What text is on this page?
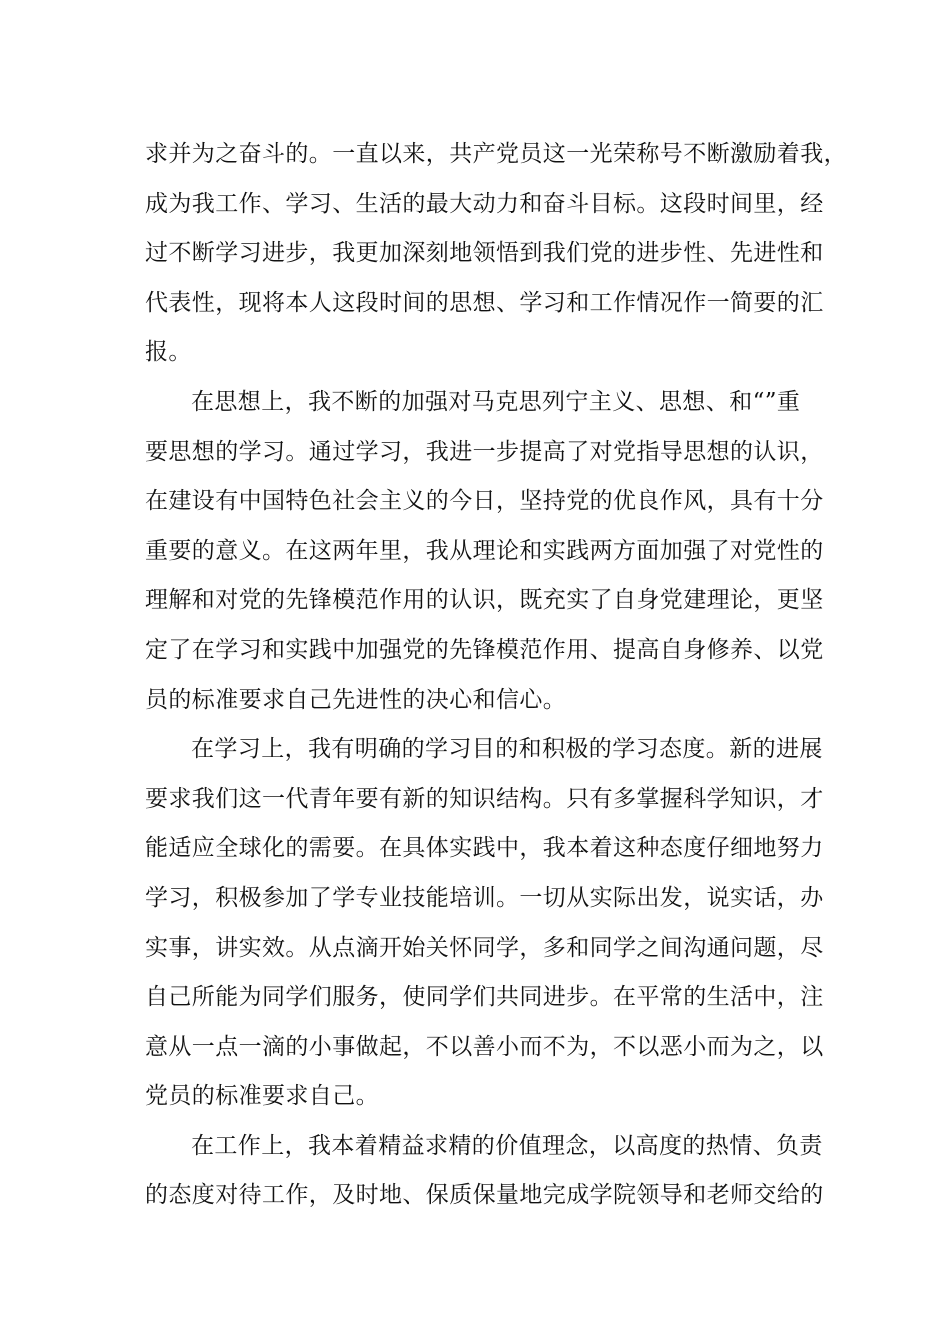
求并为之奋斗的。一直以来，共产党员这一光荣称号不断激励着我，
成为我工作、学习、生活的最大动力和奋斗目标。这段时间里，经
过不断学习进步，我更加深刻地领悟到我们党的进步性、先进性和
代表性，现将本人这段时间的思想、学习和工作情况作一简要的汇
报。
在思想上，我不断的加强对马克思列宁主义、思想、和“”重
要思想的学习。通过学习，我进一步提高了对党指导思想的认识，
在建设有中国特色社会主义的今日，坚持党的优良作风，具有十分
重要的意义。在这两年里，我从理论和实践两方面加强了对党性的
理解和对党的先锋模范作用的认识，既充实了自身党建理论，更坚
定了在学习和实践中加强党的先锋模范作用、提高自身修养、以党
员的标准要求自己先进性的决心和信心。
在学习上，我有明确的学习目的和积极的学习态度。新的进展
要求我们这一代青年要有新的知识结构。只有多掌握科学知识，才
能适应全球化的需要。在具体实践中，我本着这种态度仔细地努力
学习，积极参加了学专业技能培训。一切从实际出发，说实话，办
实事，讲实效。从点滴开始关怀同学，多和同学之间沟通问题，尽
自己所能为同学们服务，使同学们共同进步。在平常的生活中，注
意从一点一滴的小事做起，不以善小而不为，不以恶小而为之，以
党员的标准要求自己。
在工作上，我本着精益求精的价值理念，以高度的热情、负责
的态度对待工作，及时地、保质保量地完成学院领导和老师交给的
